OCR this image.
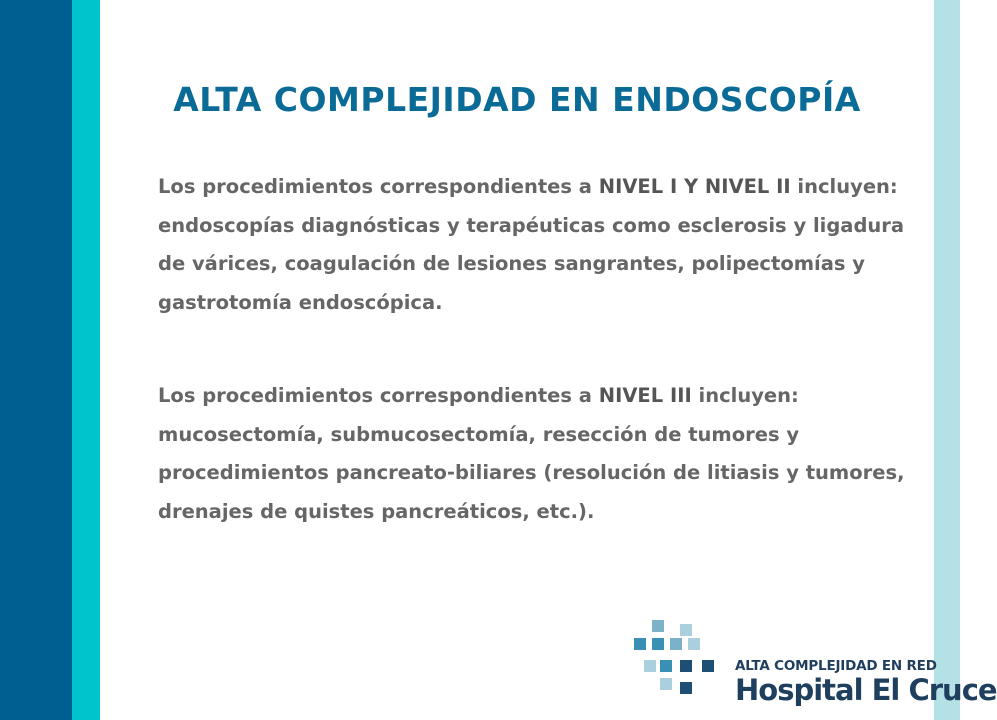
ALTA COMPLEJIDAD EN ENDOSCOPÍA

Los procedimientos correspondientes a NIVEL I Y NIVEL II incluyen: endoscopías diagnósticas y terapéuticas como esclerosis y ligadura de várices, coagulación de lesiones sangrantes, polipectomías y gastrotomía endoscópica.

Los procedimientos correspondientes a NIVEL III incluyen: mucosectomía, submucosectomía, resección de tumores y procedimientos pancreato-biliares (resolución de litiasis y tumores, drenajes de quistes pancreáticos, etc.).

ALTA COMPLEJIDAD EN RED
Hospital El Cruce
